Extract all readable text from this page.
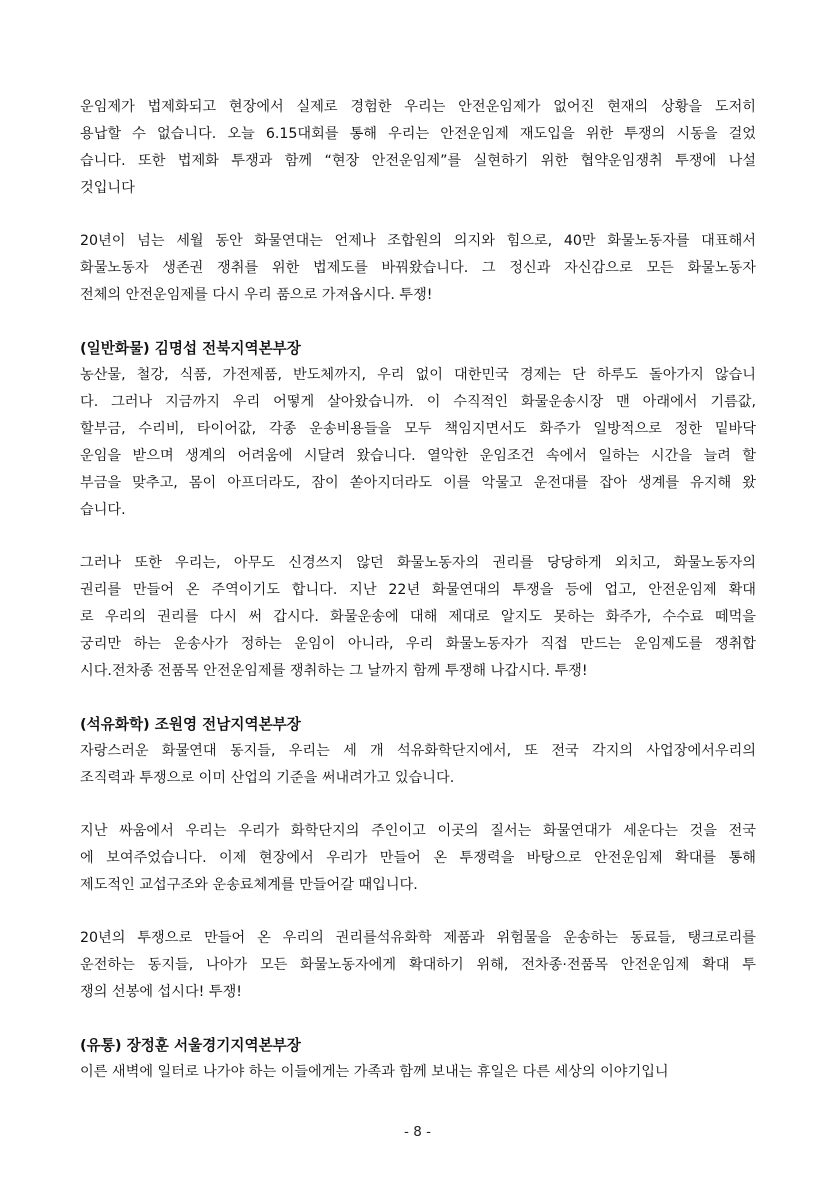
운임제가 법제화되고 현장에서 실제로 경험한 우리는 안전운임제가 없어진 현재의 상황을 도저히
용납할 수 없습니다. 오늘 6.15대회를 통해 우리는 안전운임제 재도입을 위한 투쟁의 시동을 걸었
습니다. 또한 법제화 투쟁과 함께 “현장 안전운임제”를 실현하기 위한 협약운임쟁취 투쟁에 나설
것입니다
20년이 넘는 세월 동안 화물연대는 언제나 조합원의 의지와 힘으로, 40만 화물노동자를 대표해서
화물노동자 생존권 쟁취를 위한 법제도를 바꿔왔습니다. 그 정신과 자신감으로 모든 화물노동자
전체의 안전운임제를 다시 우리 품으로 가져옵시다. 투쟁!
(일반화물) 김명섭 전북지역본부장
농산물, 철강, 식품, 가전제품, 반도체까지, 우리 없이 대한민국 경제는 단 하루도 돌아가지 않습니
다. 그러나 지금까지 우리 어떻게 살아왔습니까. 이 수직적인 화물운송시장 맨 아래에서 기름값,
할부금, 수리비, 타이어값, 각종 운송비용들을 모두 책임지면서도 화주가 일방적으로 정한 밑바닥
운임을 받으며 생계의 어려움에 시달려 왔습니다. 열악한 운임조건 속에서 일하는 시간을 늘려 할
부금을 맞추고, 몸이 아프더라도, 잠이 쏟아지더라도 이를 악물고 운전대를 잡아 생계를 유지해 왔
습니다.
그러나 또한 우리는, 아무도 신경쓰지 않던 화물노동자의 권리를 당당하게 외치고, 화물노동자의
권리를 만들어 온 주역이기도 합니다. 지난 22년 화물연대의 투쟁을 등에 업고, 안전운임제 확대
로 우리의 권리를 다시 써 갑시다. 화물운송에 대해 제대로 알지도 못하는 화주가, 수수료 떼먹을
궁리만 하는 운송사가 정하는 운임이 아니라, 우리 화물노동자가 직접 만드는 운임제도를 쟁취합
시다.전차종 전품목 안전운임제를 쟁취하는 그 날까지 함께 투쟁해 나갑시다. 투쟁!
(석유화학) 조원영 전남지역본부장
자랑스러운 화물연대 동지들, 우리는 세 개 석유화학단지에서, 또 전국 각지의 사업장에서우리의
조직력과 투쟁으로 이미 산업의 기준을 써내려가고 있습니다.
지난 싸움에서 우리는 우리가 화학단지의 주인이고 이곳의 질서는 화물연대가 세운다는 것을 전국
에 보여주었습니다. 이제 현장에서 우리가 만들어 온 투쟁력을 바탕으로 안전운임제 확대를 통해
제도적인 교섭구조와 운송료체계를 만들어갈 때입니다.
20년의 투쟁으로 만들어 온 우리의 권리를석유화학 제품과 위험물을 운송하는 동료들, 탱크로리를
운전하는 동지들, 나아가 모든 화물노동자에게 확대하기 위해, 전차종·전품목 안전운임제 확대 투
쟁의 선봉에 섭시다! 투쟁!
(유통) 장정훈 서울경기지역본부장
이른 새벽에 일터로 나가야 하는 이들에게는 가족과 함께 보내는 휴일은 다른 세상의 이야기입니
- 8 -
